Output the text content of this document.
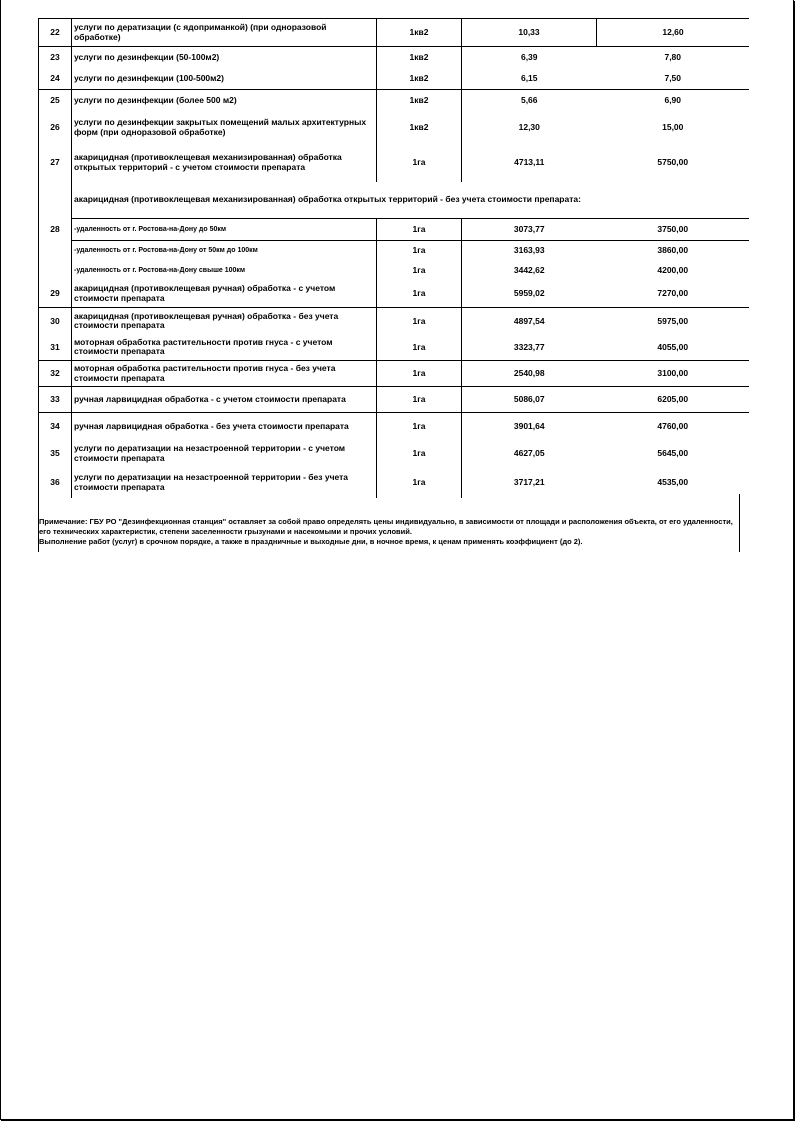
22	услуги по дератизации (с ядоприманкой) (при одноразовой обработке)	1кв2	10,33	12,60
23	услуги по дезинфекции (50-100м2)	1кв2	6,39	7,80
24	услуги по дезинфекции (100-500м2)	1кв2	6,15	7,50
25	услуги по дезинфекции (более 500 м2)	1кв2	5,66	6,90
26	услуги по дезинфекции закрытых помещений малых архитектурных форм (при одноразовой обработке)	1кв2	12,30	15,00
27	акарицидная (противоклещевая механизированная) обработка открытых территорий - с учетом стоимости препарата	1га	4713,11	5750,00
	акарицидная (противоклещевая механизированная) обработка открытых территорий - без учета стоимости препарата:			
28	-удаленность от г. Ростова-на-Дону до 50км	1га	3073,77	3750,00
	-удаленность от г. Ростова-на-Дону от 50км до 100км	1га	3163,93	3860,00
	-удаленность от г. Ростова-на-Дону свыше 100км	1га	3442,62	4200,00
29	акарицидная (противоклещевая ручная) обработка - с учетом стоимости препарата	1га	5959,02	7270,00
30	акарицидная (противоклещевая ручная) обработка - без учета стоимости препарата	1га	4897,54	5975,00
31	моторная обработка растительности против гнуса - с учетом стоимости препарата	1га	3323,77	4055,00
32	моторная обработка растительности против гнуса - без учета стоимости препарата	1га	2540,98	3100,00
33	ручная ларвицидная обработка - с учетом стоимости препарата	1га	5086,07	6205,00
34	ручная ларвицидная обработка - без учета стоимости препарата	1га	3901,64	4760,00
35	услуги по дератизации на незастроенной территории - с учетом стоимости препарата	1га	4627,05	5645,00
36	услуги по дератизации на незастроенной территории - без учета стоимости препарата	1га	3717,21	4535,00
Примечание: ГБУ РО "Дезинфекционная станция" оставляет за собой право определять цены индивидуально, в зависимости от площади и расположения объекта, от его удаленности, его технических характеристик, степени заселенности грызунами и насекомыми и прочих условий.
Выполнение работ (услуг) в срочном порядке, а также в праздничные и выходные дни, в ночное время, к ценам применять коэффициент (до 2).
